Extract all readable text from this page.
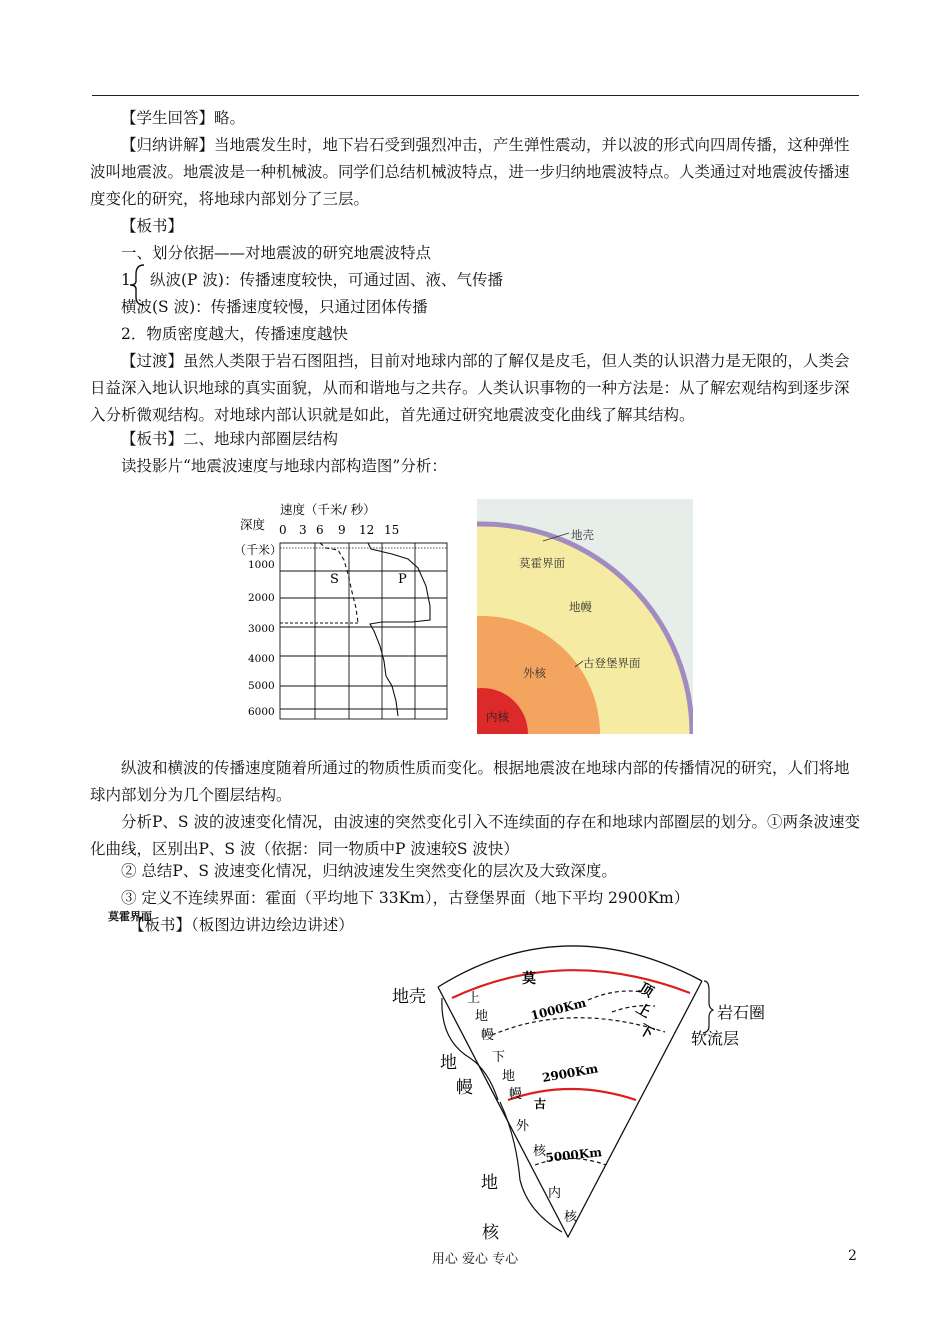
【学生回答】略。

【归纳讲解】当地震发生时，地下岩石受到强烈冲击，产生弹性震动，并以波的形式向四周传播，这种弹性波叫地震波。地震波是一种机械波。同学们总结机械波特点，进一步归纳地震波特点。人类通过对地震波传播速度变化的研究，将地球内部划分了三层。

【板书】

一、划分依据——对地震波的研究地震波特点
1 纵波(P 波)：传播速度较快，可通过固、液、气传播
横波(S 波)：传播速度较慢，只通过团体传播
2．物质密度越大，传播速度越快

【过渡】虽然人类限于岩石图阻挡，目前对地球内部的了解仅是皮毛，但人类的认识潜力是无限的，人类会日益深入地认识地球的真实面貌，从而和谐地与之共存。人类认识事物的一种方法是：从了解宏观结构到逐步深入分析微观结构。对地球内部认识就是如此，首先通过研究地震波变化曲线了解其结构。

【板书】二、地球内部圈层结构
读投影片“地震波速度与地球内部构造图”分析：
速度（千米/ 秒）
深度 0 3 6 9 12 15
（千米）
S	P
1000
2000
3000
4000
5000
6000
地壳
莫霍界面
地幔
外核
古登堡界面
内核

纵波和横波的传播速度随着所通过的物质性质而变化。根据地震波在地球内部的传播情况的研究，人们将地球内部划分为几个圈层结构。

分析P、S 波的波速变化情况，由波速的突然变化引入不连续面的存在和地球内部圈层的划分。①两条波速变化曲线，区别出P、S 波（依据：同一物质中P 波速较S 波快）

② 总结P、S 波速变化情况，归纳波速发生突然变化的层次及大致深度。
③ 定义不连续界面：霍面（平均地下 33Km），古登堡界面（地下平均 2900Km）
莫霍界面
【板书】（板图边讲边绘边讲述）
地壳
地
幔
地
核
上
地
幔
下
地
幔
外
核
内
核
莫
古
1000Km
2900Km
5000Km
顶
上
下
岩石圈
软流层
用心 爱心 专心	2
